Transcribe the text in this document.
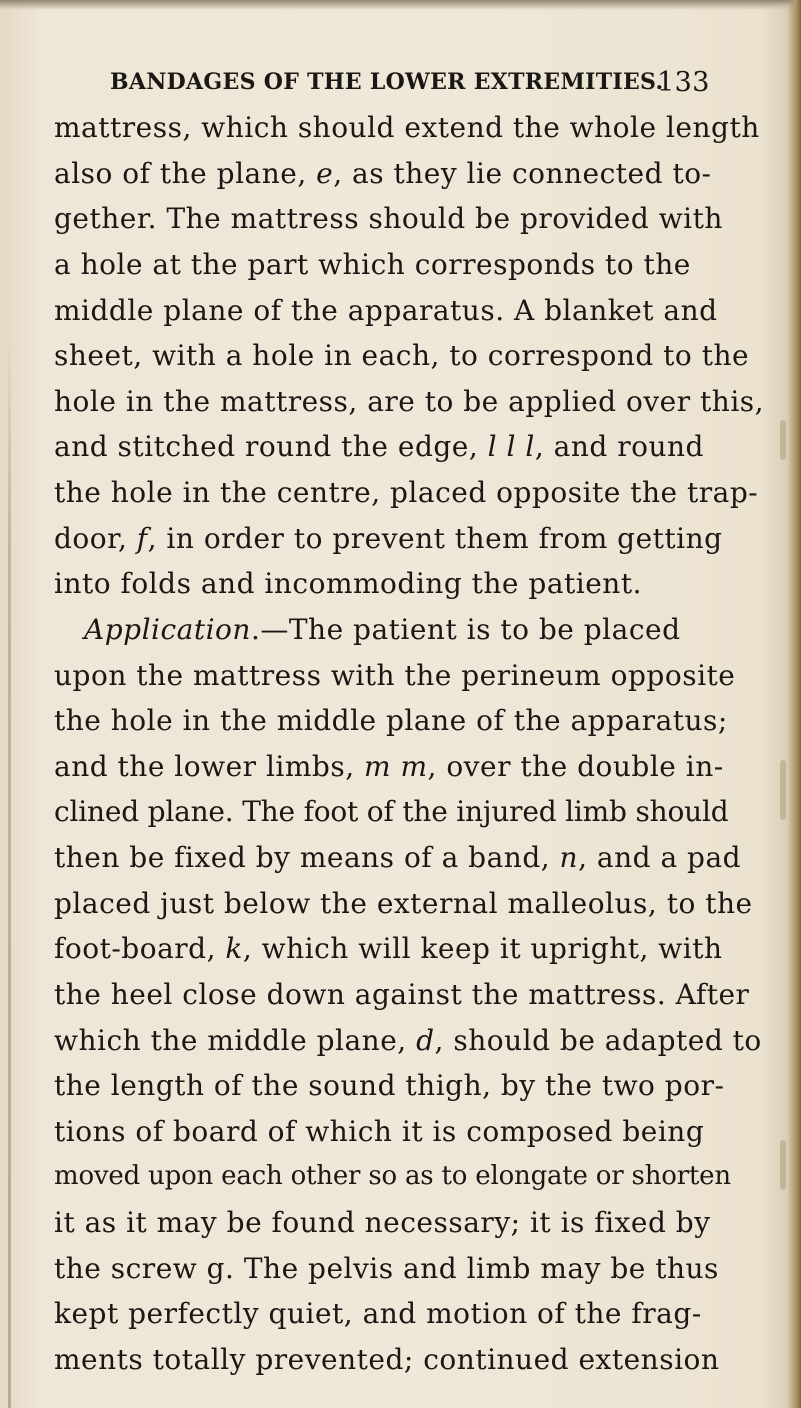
BANDAGES OF THE LOWER EXTREMITIES.
133
mattress, which should extend the whole length
also of the plane, e, as they lie connected to-
gether. The mattress should be provided with
a hole at the part which corresponds to the
middle plane of the apparatus. A blanket and
sheet, with a hole in each, to correspond to the
hole in the mattress, are to be applied over this,
and stitched round the edge, l l l, and round
the hole in the centre, placed opposite the trap-
door, f, in order to prevent them from getting
into folds and incommoding the patient.
Application.—The patient is to be placed
upon the mattress with the perineum opposite
the hole in the middle plane of the apparatus;
and the lower limbs, m m, over the double in-
clined plane. The foot of the injured limb should
then be fixed by means of a band, n, and a pad
placed just below the external malleolus, to the
foot-board, k, which will keep it upright, with
the heel close down against the mattress. After
which the middle plane, d, should be adapted to
the length of the sound thigh, by the two por-
tions of board of which it is composed being
moved upon each other so as to elongate or shorten
it as it may be found necessary; it is fixed by
the screw g. The pelvis and limb may be thus
kept perfectly quiet, and motion of the frag-
ments totally prevented; continued extension
